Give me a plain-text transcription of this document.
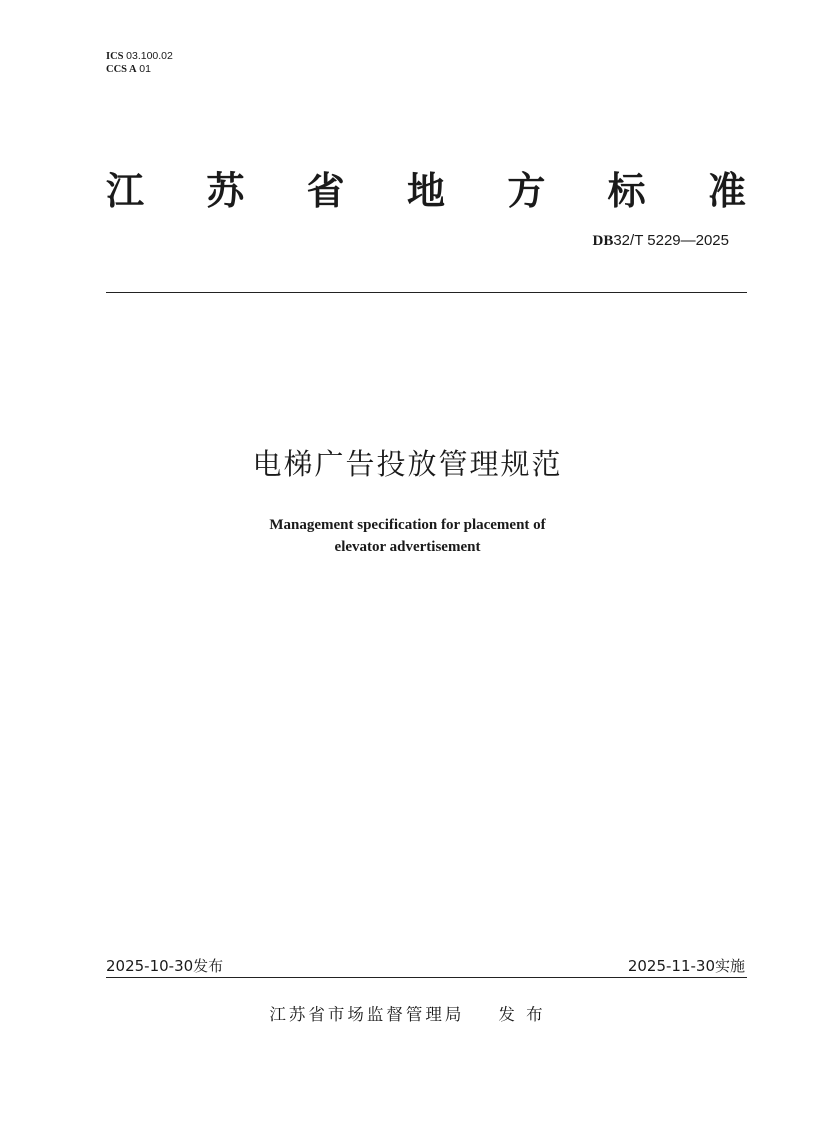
ICS 03.100.02
CCS A 01
江 苏 省 地 方 标 准
DB32/T 5229—2025
电梯广告投放管理规范
Management specification for placement of
elevator advertisement
2025-10-30发布	2025-11-30实施
江苏省市场监督管理局 发 布
